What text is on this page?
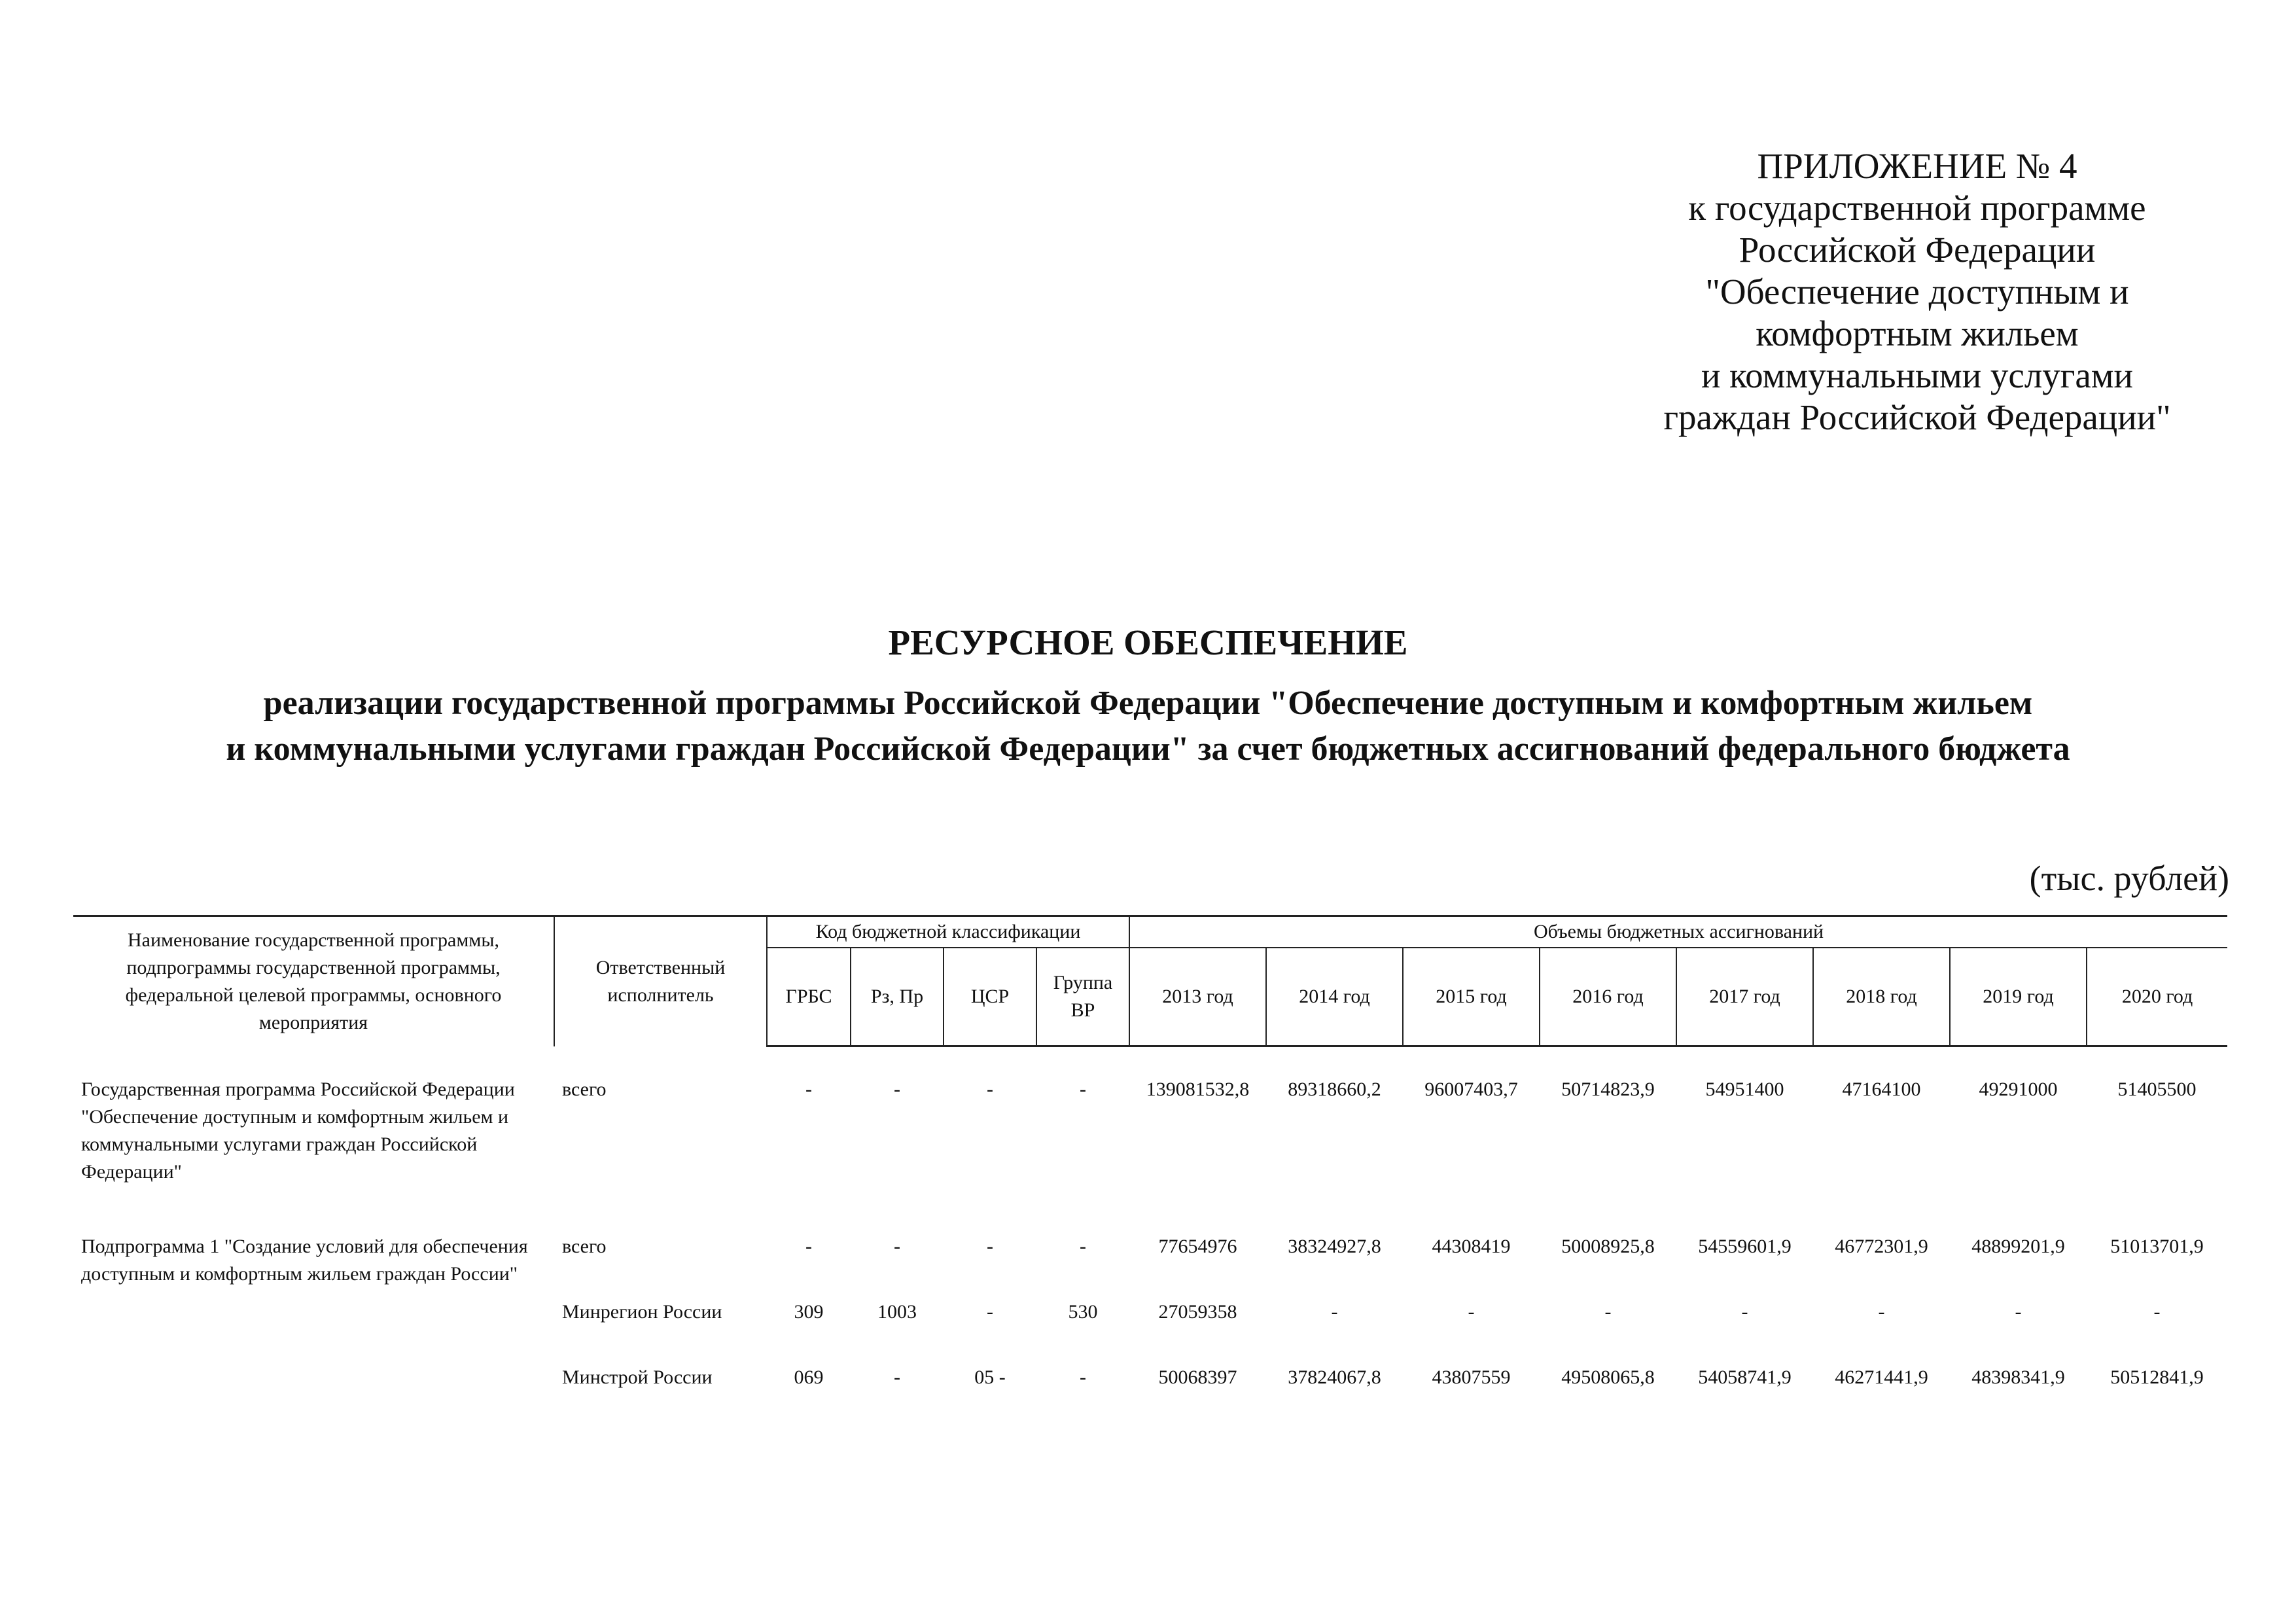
ПРИЛОЖЕНИЕ № 4
к государственной программе
Российской Федерации
"Обеспечение доступным и
комфортным жильем
и коммунальными услугами
граждан Российской Федерации"
РЕСУРСНОЕ ОБЕСПЕЧЕНИЕ
реализации государственной программы Российской Федерации "Обеспечение доступным и комфортным жильем
и коммунальными услугами граждан Российской Федерации" за счет бюджетных ассигнований федерального бюджета
(тыс. рублей)
Наименование государственной программы, подпрограммы государственной программы, федеральной целевой программы, основного мероприятия	Ответственный исполнитель	Код бюджетной классификации				Объемы бюджетных ассигнований							
		ГРБС	Рз, Пр	ЦСР	Группа ВР	2013 год	2014 год	2015 год	2016 год	2017 год	2018 год	2019 год	2020 год

Государственная программа Российской Федерации "Обеспечение доступным и комфортным жильем и коммунальными услугами граждан Российской Федерации"	всего	-	-	-	-	139081532,8	89318660,2	96007403,7	50714823,9	54951400	47164100	49291000	51405500
Подпрограмма 1 "Создание условий для обеспечения доступным и комфортным жильем граждан России"	всего	-	-	-	-	77654976	38324927,8	44308419	50008925,8	54559601,9	46772301,9	48899201,9	51013701,9
	Минрегион России	309	1003	-	530	27059358	-	-	-	-	-	-	-
	Минстрой России	069	-	05 -	-	50068397	37824067,8	43807559	49508065,8	54058741,9	46271441,9	48398341,9	50512841,9
